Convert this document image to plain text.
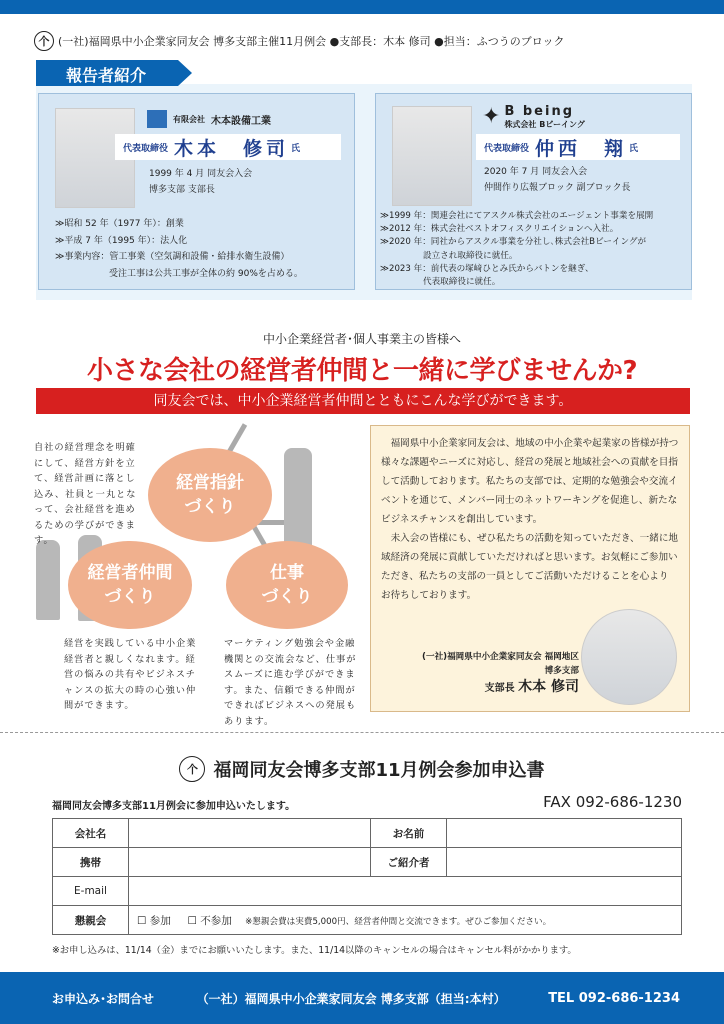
个 (一社)福岡県中小企業家同友会 博多支部主催11月例会 ●支部長：木本 修司 ●担当：ふつうのブロック
報告者紹介
有限会社 木本設備工業
代表取締役 木本　修司 氏
1999 年 4 月 同友会入会
博多支部 支部長
≫昭和 52 年（1977 年）：創業
≫平成 7 年（1995 年）：法人化
≫事業内容：管工事業（空気調和設備・給排水衛生設備）
　　　　　　受注工事は公共工事が全体の約 90%を占める。
✦ B being
株式会社 Bビーイング
代表取締役 仲西　翔 氏
2020 年 7 月 同友会入会
仲間作り広報ブロック 副ブロック長
≫1999 年：関連会社にてアスクル株式会社のエージェント事業を展開
≫2012 年：株式会社ベストオフィスクリエイションへ入社。
≫2020 年：同社からアスクル事業を分社し､株式会社Bビーイングが
　　　　　設立され取締役に就任。
≫2023 年：前代表の塚﨑ひとみ氏からバトンを継ぎ、
　　　　　代表取締役に就任。
中小企業経営者･個人事業主の皆様へ
小さな会社の経営者仲間と一緒に学びませんか?
同友会では、中小企業経営者仲間とともにこんな学びができます。
経営指針
づくり
経営者仲間
づくり
仕事
づくり
自社の経営理念を明確にして、経営方針を立て、経営計画に落とし込み、社員と一丸となって、会社経営を進めるための学びができます。
経営を実践している中小企業経営者と親しくなれます。経営の悩みの共有やビジネスチャンスの拡大の時の心強い仲間ができます。
マーケティング勉強会や金融機関との交流会など、仕事がスムーズに進む学びができます。また、信頼できる仲間ができればビジネスへの発展もあります。

福岡県中小企業家同友会は、地域の中小企業や起業家の皆様が持つ様々な課題やニーズに対応し、経営の発展と地域社会への貢献を目指して活動しております。私たちの支部では、定期的な勉強会や交流イベントを通じて、メンバー同士のネットワーキングを促進し、新たなビジネスチャンスを創出しています。

未入会の皆様にも、ぜひ私たちの活動を知っていただき、一緒に地域経済の発展に貢献していただければと思います。お気軽にご参加いただき、私たちの支部の一員としてご活動いただけることを心より

お待ちしております。

(一社)福岡県中小企業家同友会 福岡地区
博多支部
支部長 木本 修司
个 福岡同友会博多支部11月例会参加申込書
福岡同友会博多支部11月例会に参加申込いたします。	FAX 092-686-1230
会社名		お名前	
携帯		ご紹介者	
E-mail			
懇親会	☐ 参加 ☐ 不参加 ※懇親会費は実費5,000円、経営者仲間と交流できます。ぜひご参加ください。		
※お申し込みは、11/14（金）までにお願いいたします。また、11/14以降のキャンセルの場合はキャンセル料がかかります。
お申込み･お問合せ	（一社）福岡県中小企業家同友会 博多支部（担当:本村）	TEL 092-686-1234
